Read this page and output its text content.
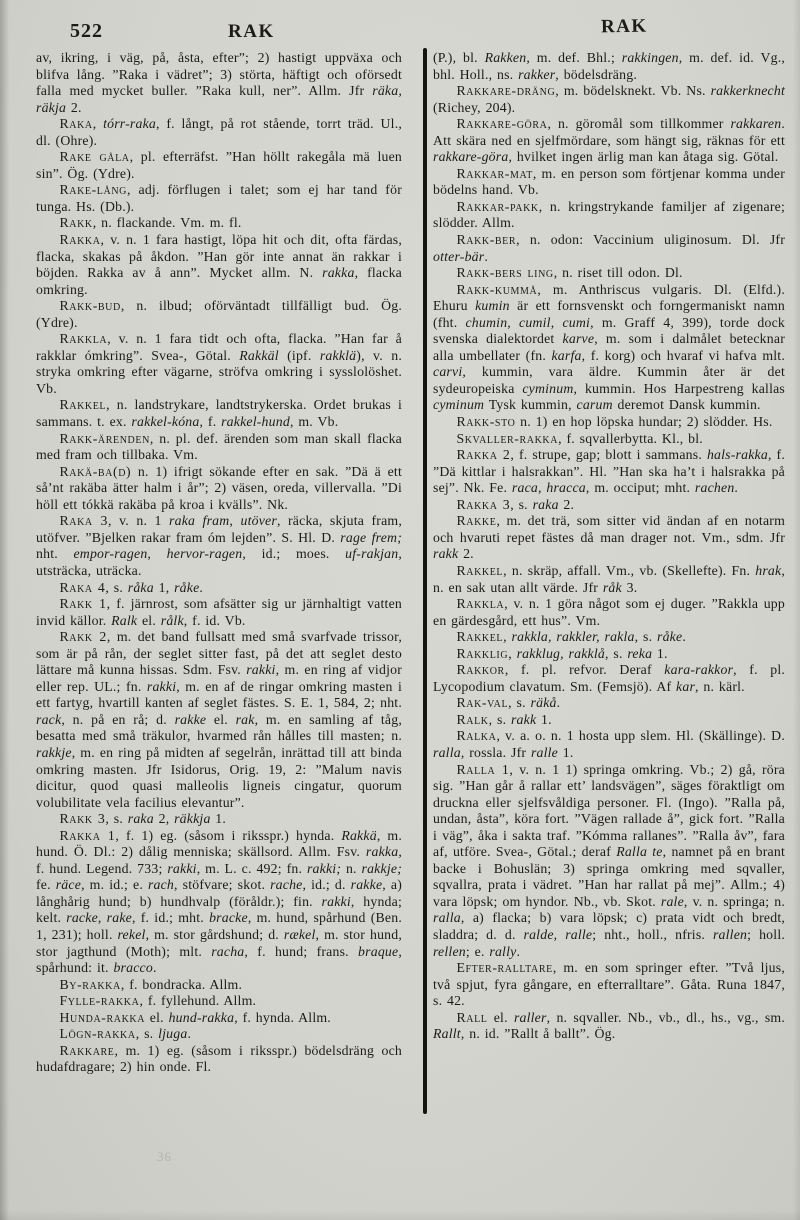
522	RAK	RAK

av, ikring, i väg, på, åsta, efter”; 2) hastigt uppväxa och blifva lång. ”Raka i vädret”; 3) störta, häftigt och oförsedt falla med mycket buller. ”Raka kull, ner”. Allm. Jfr räka, räkja 2.

Raka, tórr-raka, f. långt, på rot stående, torrt träd. Ul., dl. (Ohre).

Rake gåla, pl. efterräfst. ”Han höllt rakegåla mä luen sin”. Ög. (Ydre).

Rake-lång, adj. förflugen i talet; som ej har tand för tunga. Hs. (Db.).

Rakk, n. flackande. Vm. m. fl.

Rakka, v. n. 1 fara hastigt, löpa hit och dit, ofta färdas, flacka, skakas på åkdon. ”Han gör inte annat än rakkar i böjden. Rakka av å ann”. Mycket allm. N. rakka, flacka omkring.

Rakk-bud, n. ilbud; oförväntadt tillfälligt bud. Ög. (Ydre).

Rakkla, v. n. 1 fara tidt och ofta, flacka. ”Han far å rakklar ómkring”. Svea-, Götal. Rakkäl (ipf. rakklä), v. n. stryka omkring efter vägarne, ströfva omkring i sysslolöshet. Vb.

Rakkel, n. landstrykare, landtstrykerska. Ordet brukas i sammans. t. ex. rakkel-kóna, f. rakkel-hund, m. Vb.

Rakk-ärenden, n. pl. def. ärenden som man skall flacka med fram och tillbaka. Vm.

Rakä-ba(d) n. 1) ifrigt sökande efter en sak. ”Dä ä ett så’nt rakäba ätter halm i år”; 2) väsen, oreda, villervalla. ”Di höll ett tókkä rakäba på kroa i kvälls”. Nk.

Raka 3, v. n. 1 raka fram, utöver, räcka, skjuta fram, utöfver. ”Bjelken rakar fram óm lejden”. S. Hl. D. rage frem; nht. empor-ragen, hervor-ragen, id.; moes. uf-rakjan, utsträcka, uträcka.

Raka 4, s. råka 1, råke.

Rakk 1, f. järnrost, som afsätter sig ur järnhaltigt vatten invid källor. Ralk el. rålk, f. id. Vb.

Rakk 2, m. det band fullsatt med små svarfvade trissor, som är på rån, der seglet sitter fast, på det att seglet desto lättare må kunna hissas. Sdm. Fsv. rakki, m. en ring af vidjor eller rep. UL.; fn. rakki, m. en af de ringar omkring masten i ett fartyg, hvartill kanten af seglet fästes. S. E. 1, 584, 2; nht. rack, n. på en rå; d. rakke el. rak, m. en samling af tåg, besatta med små träkulor, hvarmed rån hålles till masten; n. rakkje, m. en ring på midten af segelrån, inrättad till att binda omkring masten. Jfr Isidorus, Orig. 19, 2: ”Malum navis dicitur, quod quasi malleolis ligneis cingatur, quorum volubilitate vela facilius elevantur”.

Rakk 3, s. raka 2, räkkja 1.

Rakka 1, f. 1) eg. (såsom i riksspr.) hynda. Rakkä, m. hund. Ö. Dl.: 2) dålig menniska; skällsord. Allm. Fsv. rakka, f. hund. Legend. 733; rakki, m. L. c. 492; fn. rakki; n. rakkje; fe. räce, m. id.; e. rach, stöfvare; skot. rache, id.; d. rakke, a) långhårig hund; b) hundhvalp (föråldr.); fin. rakki, hynda; kelt. racke, rake, f. id.; mht. bracke, m. hund, spårhund (Ben. 1, 231); holl. rekel, m. stor gårdshund; d. rækel, m. stor hund, stor jagthund (Moth); mlt. racha, f. hund; frans. braque, spårhund: it. bracco.

By-rakka, f. bondracka. Allm.

Fylle-rakka, f. fyllehund. Allm.

Hunda-rakka el. hund-rakka, f. hynda. Allm.

Lögn-rakka, s. ljuga.

Rakkare, m. 1) eg. (såsom i riksspr.) bödelsdräng och hudafdragare; 2) hin onde. Fl.

(P.), bl. Rakken, m. def. Bhl.; rakkingen, m. def. id. Vg., bhl. Holl., ns. rakker, bödelsdräng.

Rakkare-dräng, m. bödelsknekt. Vb. Ns. rakkerknecht (Richey, 204).

Rakkare-göra, n. göromål som tillkommer rakkaren. Att skära ned en sjelfmördare, som hängt sig, räknas för ett rakkare-göra, hvilket ingen ärlig man kan åtaga sig. Götal.

Rakkar-mat, m. en person som förtjenar komma under bödelns hand. Vb.

Rakkar-pakk, n. kringstrykande familjer af zigenare; slödder. Allm.

Rakk-ber, n. odon: Vaccinium uliginosum. Dl. Jfr otter-bär.

Rakk-bers ling, n. riset till odon. Dl.

Rakk-kummå, m. Anthriscus vulgaris. Dl. (Elfd.). Ehuru kumin är ett fornsvenskt och forngermaniskt namn (fht. chumin, cumil, cumi, m. Graff 4, 399), torde dock svenska dialektordet karve, m. som i dalmålet betecknar alla umbellater (fn. karfa, f. korg) och hvaraf vi hafva mlt. carvi, kummin, vara äldre. Kummin åter är det sydeuropeiska cyminum, kummin. Hos Harpestreng kallas cyminum Tysk kummin, carum deremot Dansk kummin.

Rakk-sto n. 1) en hop löpska hundar; 2) slödder. Hs.

Skvaller-rakka, f. sqvallerbytta. Kl., bl.

Rakka 2, f. strupe, gap; blott i sammans. hals-rakka, f. ”Dä kittlar i halsrakkan”. Hl. ”Han ska ha’t i halsrakka på sej”. Nk. Fe. raca, hracca, m. occiput; mht. rachen.

Rakka 3, s. raka 2.

Rakke, m. det trä, som sitter vid ändan af en notarm och hvaruti repet fästes då man drager not. Vm., sdm. Jfr rakk 2.

Rakkel, n. skräp, affall. Vm., vb. (Skellefte). Fn. hrak, n. en sak utan allt värde. Jfr råk 3.

Rakkla, v. n. 1 göra något som ej duger. ”Rakkla upp en gärdesgård, ett hus”. Vm.

Rakkel, rakkla, rakkler, rakla, s. råke.

Rakklig, rakklug, rakklå, s. reka 1.

Rakkor, f. pl. refvor. Deraf kara-rakkor, f. pl. Lycopodium clavatum. Sm. (Femsjö). Af kar, n. kärl.

Rak-val, s. räkå.

Ralk, s. rakk 1.

Ralka, v. a. o. n. 1 hosta upp slem. Hl. (Skällinge). D. ralla, rossla. Jfr ralle 1.

Ralla 1, v. n. 1 1) springa omkring. Vb.; 2) gå, röra sig. ”Han går å rallar ett’ landsvägen”, säges föraktligt om druckna eller sjelfsvåldiga personer. Fl. (Ingo). ”Ralla på, undan, åsta”, köra fort. ”Vägen rallade å”, gick fort. ”Ralla i väg”, åka i sakta traf. ”Kómma rallanes”. ”Ralla åv”, fara af, utföre. Svea-, Götal.; deraf Ralla te, namnet på en brant backe i Bohuslän; 3) springa omkring med sqvaller, sqvallra, prata i vädret. ”Han har rallat på mej”. Allm.; 4) vara löpsk; om hyndor. Nb., vb. Skot. rale, v. n. springa; n. ralla, a) flacka; b) vara löpsk; c) prata vidt och bredt, sladdra; d. d. ralde, ralle; nht., holl., nfris. rallen; holl. rellen; e. rally.

Efter-ralltare, m. en som springer efter. ”Två ljus, två spjut, fyra gångare, en efterralltare”. Gåta. Runa 1847, s. 42.

Rall el. raller, n. sqvaller. Nb., vb., dl., hs., vg., sm. Rallt, n. id. ”Rallt å ballt”. Ög.

36
